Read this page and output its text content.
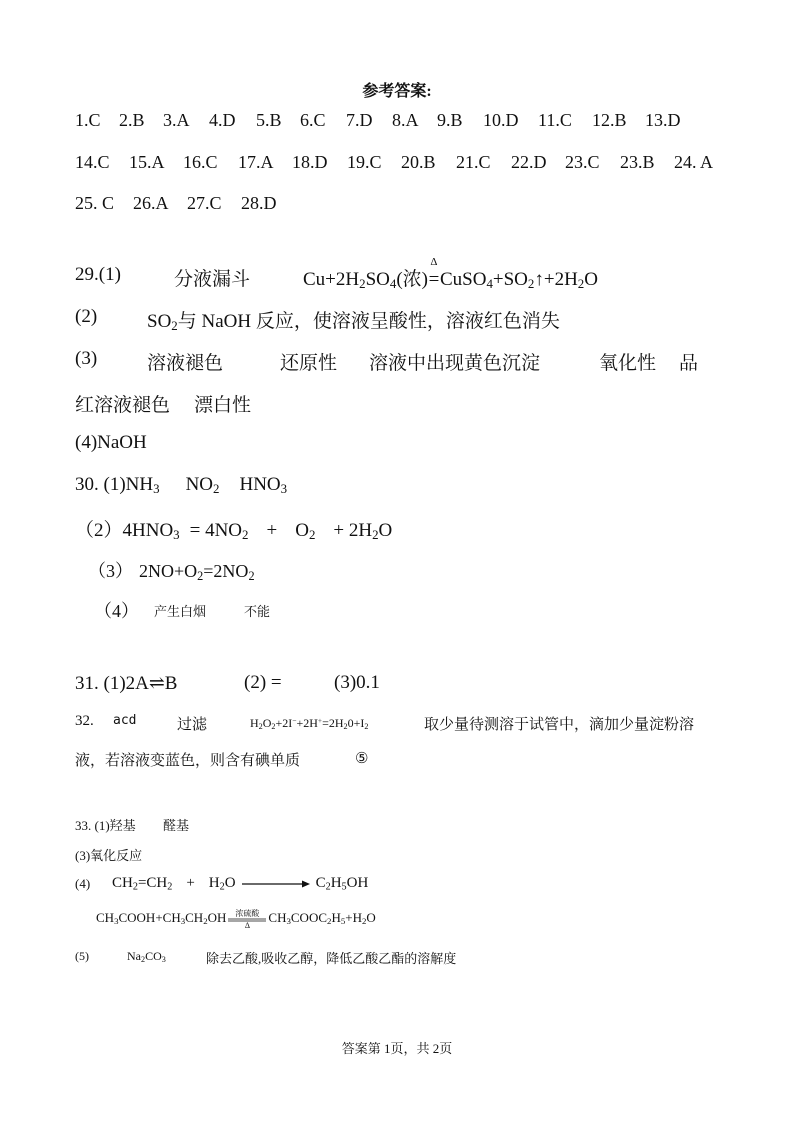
参考答案:
1.C 2.B 3.A 4.D 5.B 6.C 7.D 8.A 9.B 10.D 11.C 12.B 13.D
14.C 15.A 16.C 17.A 18.D 19.C 20.B 21.C 22.D 23.C 23.B 24. A
25. C 26.A 27.C 28.D
29.(1)	分液漏斗	$Cu+2H_2SO_4$(浓)
Δ
$=CuSO_4+SO_2↑+2H_2O$
(2)	$SO_2$与 NaOH 反应，使溶液呈酸性，溶液红色消失
(3)	溶液褪色	还原性 溶液中出现黄色沉淀	氧化性 品
红溶液褪色 漂白性
(4)NaOH
30. $(1)NH_3$ $NO_2$ $HNO_3$
$(2)4HNO_3 = 4NO_2 + O_2 + 2H_2O$
（3） $2NO+O_2=2NO_2$
（4） 产生白烟	不能
31. (1)2A⇌B	(2) =	(3)0.1
32. acd	过滤	$H_2O_2+2I^-+2H^+=2H_20+I_2$	取少量待测溶于试管中，滴加少量淀粉溶
液，若溶液变蓝色，则含有碘单质	⑤
33. (1)羟基 醛基
(3)氧化反应
(4) $CH_2=CH_2 + H_2O$	$C_2H_5OH$
$CH_3COOH+CH_3CH_2OH$	浓硫酸
Δ
$CH_3COOC_2H_5+H_2O$
(5)	$Na_2CO_3$	除去乙酸,吸收乙醇，降低乙酸乙酯的溶解度
答案第 1页，共 2页
